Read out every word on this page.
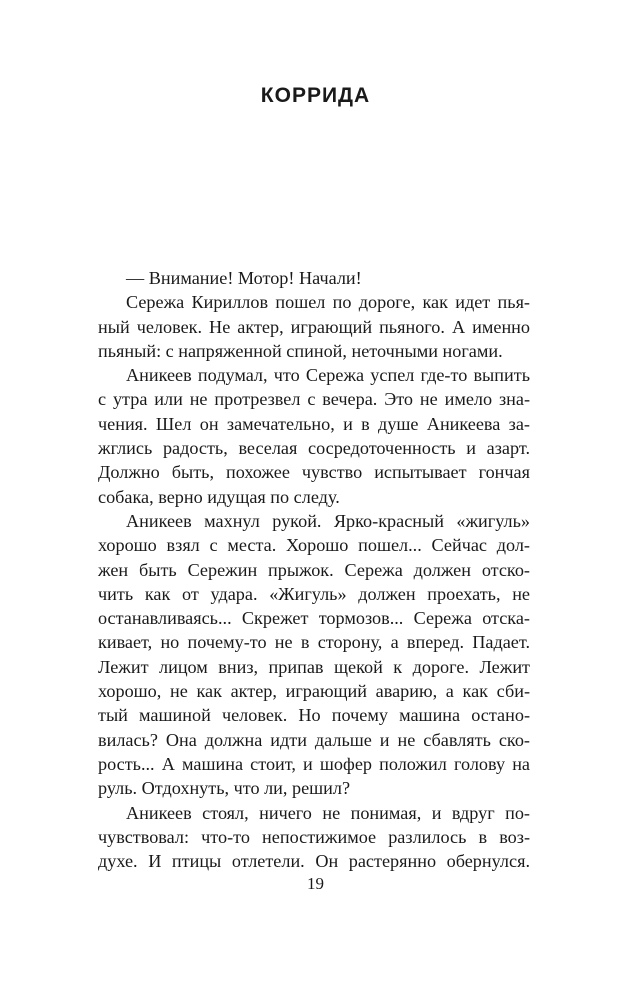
КОРРИДА
— Внимание! Мотор! Начали!
Сережа Кириллов пошел по дороге, как идет пья-
ный человек. Не актер, играющий пьяного. А именно
пьяный: с напряженной спиной, неточными ногами.
Аникеев подумал, что Сережа успел где-то выпить
с утра или не протрезвел с вечера. Это не имело зна-
чения. Шел он замечательно, и в душе Аникеева за-
жглись радость, веселая сосредоточенность и азарт.
Должно быть, похожее чувство испытывает гончая
собака, верно идущая по следу.
Аникеев махнул рукой. Ярко-красный «жигуль»
хорошо взял с места. Хорошо пошел... Сейчас дол-
жен быть Сережин прыжок. Сережа должен отско-
чить как от удара. «Жигуль» должен проехать, не
останавливаясь... Скрежет тормозов... Сережа отска-
кивает, но почему-то не в сторону, а вперед. Падает.
Лежит лицом вниз, припав щекой к дороге. Лежит
хорошо, не как актер, играющий аварию, а как сби-
тый машиной человек. Но почему машина остано-
вилась? Она должна идти дальше и не сбавлять ско-
рость... А машина стоит, и шофер положил голову на
руль. Отдохнуть, что ли, решил?
Аникеев стоял, ничего не понимая, и вдруг по-
чувствовал: что-то непостижимое разлилось в воз-
духе. И птицы отлетели. Он растерянно обернулся.
19
